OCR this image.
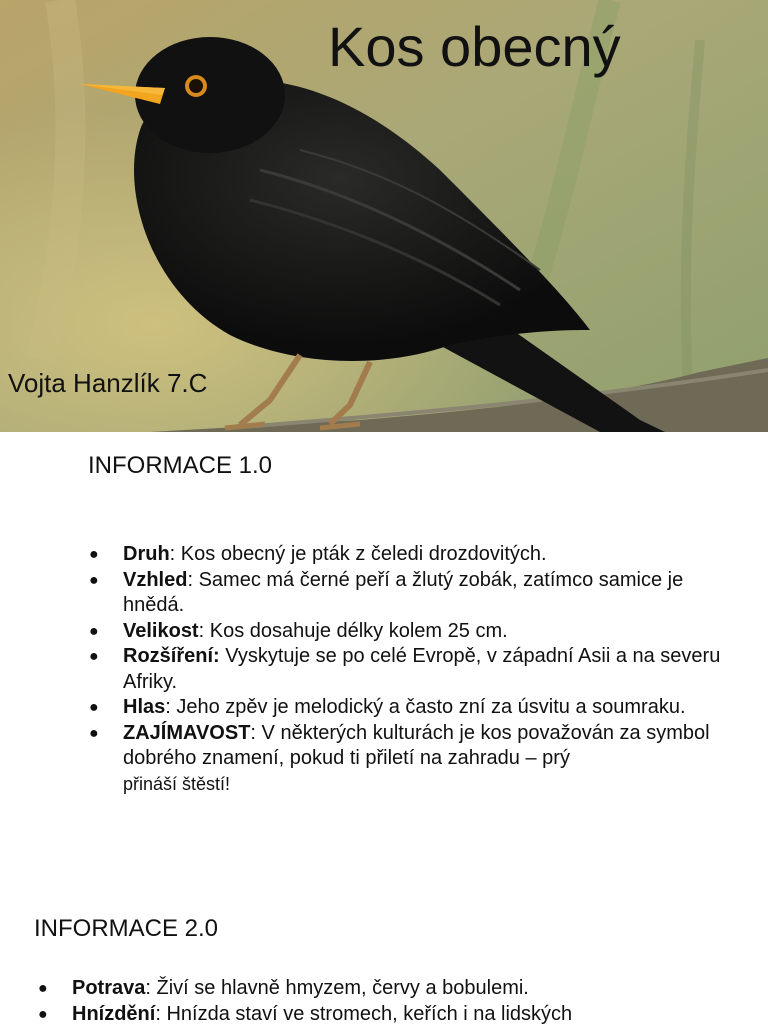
Kos obecný
Vojta Hanzlík 7.C
INFORMACE 1.0
● Druh: Kos obecný je pták z čeledi drozdovitých.
● Vzhled: Samec má černé peří a žlutý zobák, zatímco samice je hnědá.
● Velikost: Kos dosahuje délky kolem 25 cm.
● Rozšíření: Vyskytuje se po celé Evropě, v západní Asii a na severu Afriky.
● Hlas: Jeho zpěv je melodický a často zní za úsvitu a soumraku.
● ZAJÍMAVOST: V některých kulturách je kos považován za symbol dobrého znamení, pokud ti přiletí na zahradu – prý
přináší štěstí!
INFORMACE 2.0
● Potrava: Živí se hlavně hmyzem, červy a bobulemi.
● Hnízdění: Hnízda staví ve stromech, keřích i na lidských
